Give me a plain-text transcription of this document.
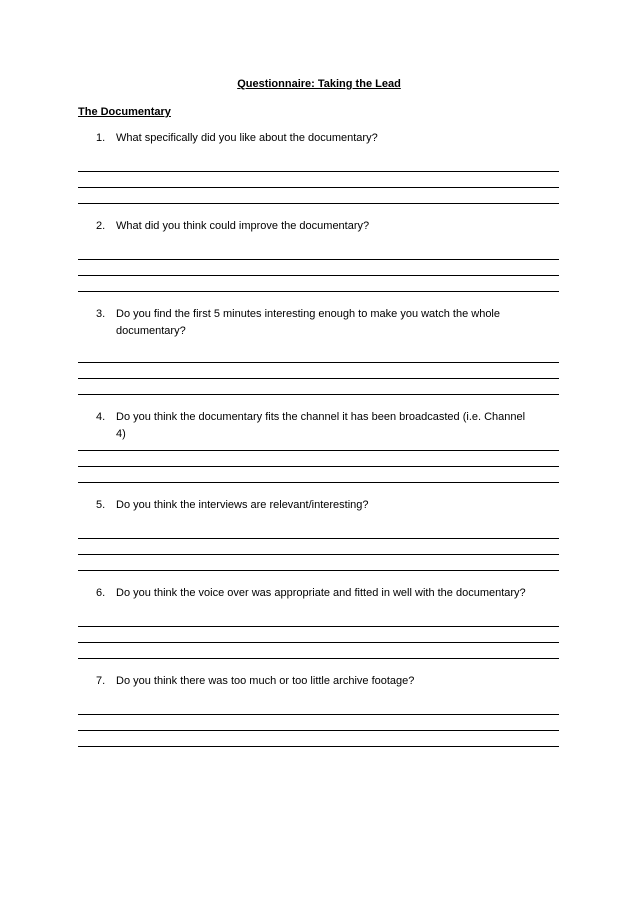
Questionnaire: Taking the Lead
The Documentary
1. What specifically did you like about the documentary?
2. What did you think could improve the documentary?
3. Do you find the first 5 minutes interesting enough to make you watch the whole documentary?
4. Do you think the documentary fits the channel it has been broadcasted (i.e. Channel 4)
5. Do you think the interviews are relevant/interesting?
6. Do you think the voice over was appropriate and fitted in well with the documentary?
7. Do you think there was too much or too little archive footage?
